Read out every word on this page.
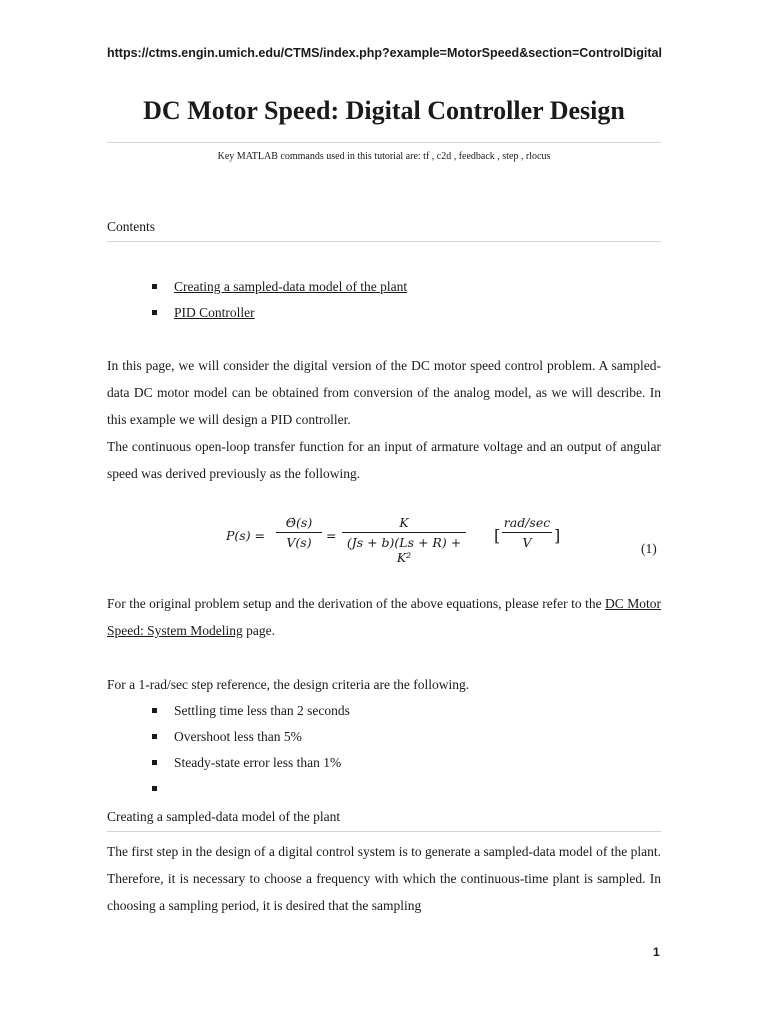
https://ctms.engin.umich.edu/CTMS/index.php?example=MotorSpeed&section=ControlDigital
DC Motor Speed: Digital Controller Design
Key MATLAB commands used in this tutorial are: tf , c2d , feedback , step , rlocus
Contents
Creating a sampled-data model of the plant
PID Controller

In this page, we will consider the digital version of the DC motor speed control problem. A sampled-data DC motor model can be obtained from conversion of the analog model, as we will describe. In this example we will design a PID controller.

The continuous open-loop transfer function for an input of armature voltage and an output of angular speed was derived previously as the following.

P(s) =
Θ̇(s)
V(s)	=
K
(Js + b)(Ls + R) + K²
[
rad/sec
V	]
(1)

For the original problem setup and the derivation of the above equations, please refer to the DC Motor Speed: System Modeling page.

For a 1-rad/sec step reference, the design criteria are the following.

Settling time less than 2 seconds
Overshoot less than 5%
Steady-state error less than 1%
Creating a sampled-data model of the plant

The first step in the design of a digital control system is to generate a sampled-data model of the plant. Therefore, it is necessary to choose a frequency with which the continuous-time plant is sampled. In choosing a sampling period, it is desired that the sampling

1
